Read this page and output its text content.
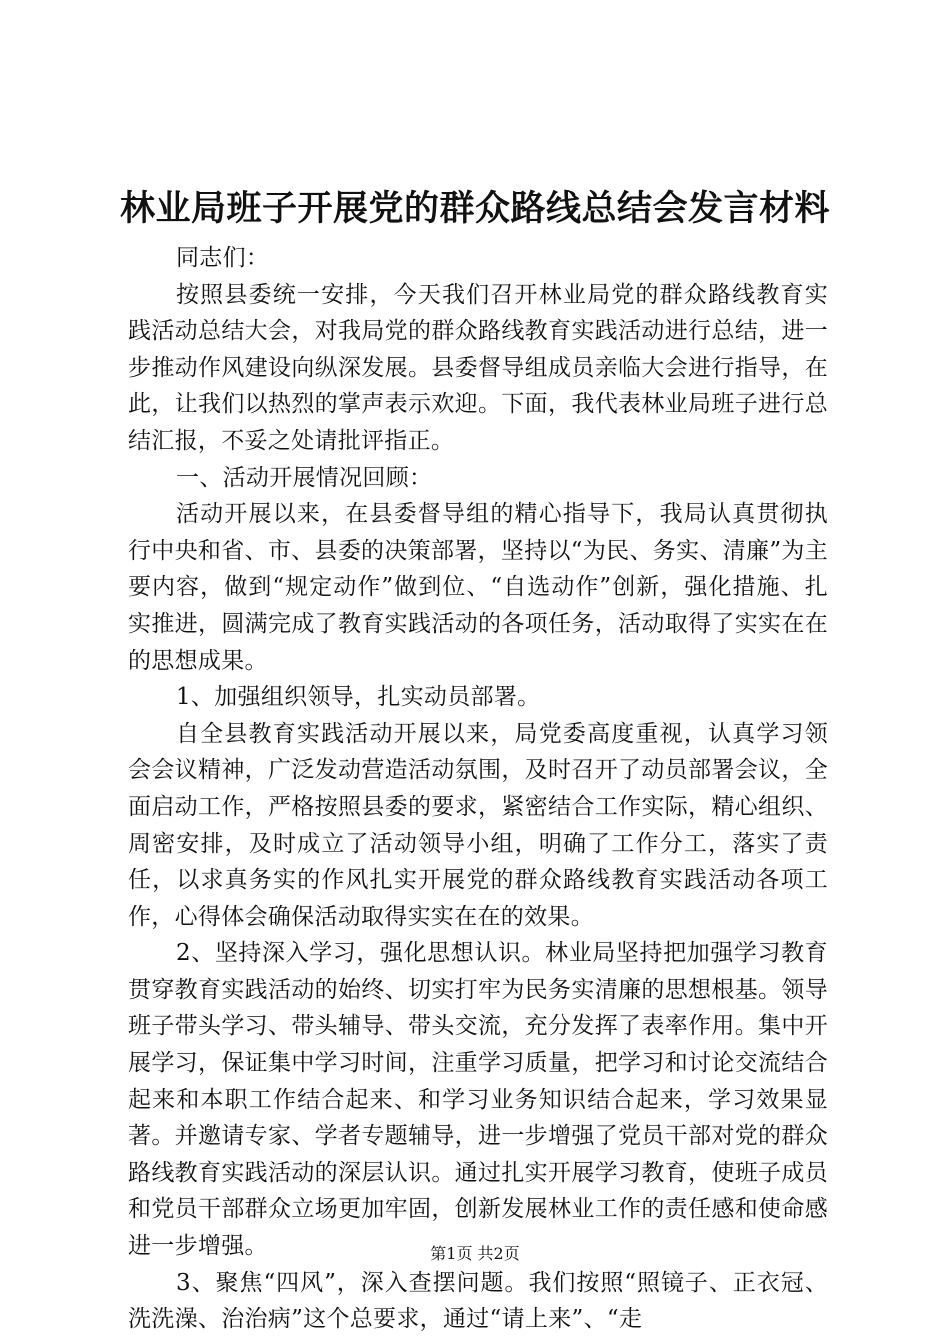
林业局班子开展党的群众路线总结会发言材料

同志们：

按照县委统一安排，今天我们召开林业局党的群众路线教育实践活动总结大会，对我局党的群众路线教育实践活动进行总结，进一步推动作风建设向纵深发展。县委督导组成员亲临大会进行指导，在此，让我们以热烈的掌声表示欢迎。下面，我代表林业局班子进行总结汇报，不妥之处请批评指正。

一、活动开展情况回顾：

活动开展以来，在县委督导组的精心指导下，我局认真贯彻执行中央和省、市、县委的决策部署，坚持以“为民、务实、清廉”为主要内容，做到“规定动作”做到位、“自选动作”创新，强化措施、扎实推进，圆满完成了教育实践活动的各项任务，活动取得了实实在在的思想成果。

1、加强组织领导，扎实动员部署。

自全县教育实践活动开展以来，局党委高度重视，认真学习领会会议精神，广泛发动营造活动氛围，及时召开了动员部署会议，全面启动工作，严格按照县委的要求，紧密结合工作实际，精心组织、周密安排，及时成立了活动领导小组，明确了工作分工，落实了责任，以求真务实的作风扎实开展党的群众路线教育实践活动各项工作，心得体会确保活动取得实实在在的效果。

2、坚持深入学习，强化思想认识。林业局坚持把加强学习教育贯穿教育实践活动的始终、切实打牢为民务实清廉的思想根基。领导班子带头学习、带头辅导、带头交流，充分发挥了表率作用。集中开展学习，保证集中学习时间，注重学习质量，把学习和讨论交流结合起来和本职工作结合起来、和学习业务知识结合起来，学习效果显著。并邀请专家、学者专题辅导，进一步增强了党员干部对党的群众路线教育实践活动的深层认识。通过扎实开展学习教育，使班子成员和党员干部群众立场更加牢固，创新发展林业工作的责任感和使命感进一步增强。

3、聚焦“四风”，深入查摆问题。我们按照“照镜子、正衣冠、洗洗澡、治治病”这个总要求，通过“请上来”、“走

第1页 共2页
